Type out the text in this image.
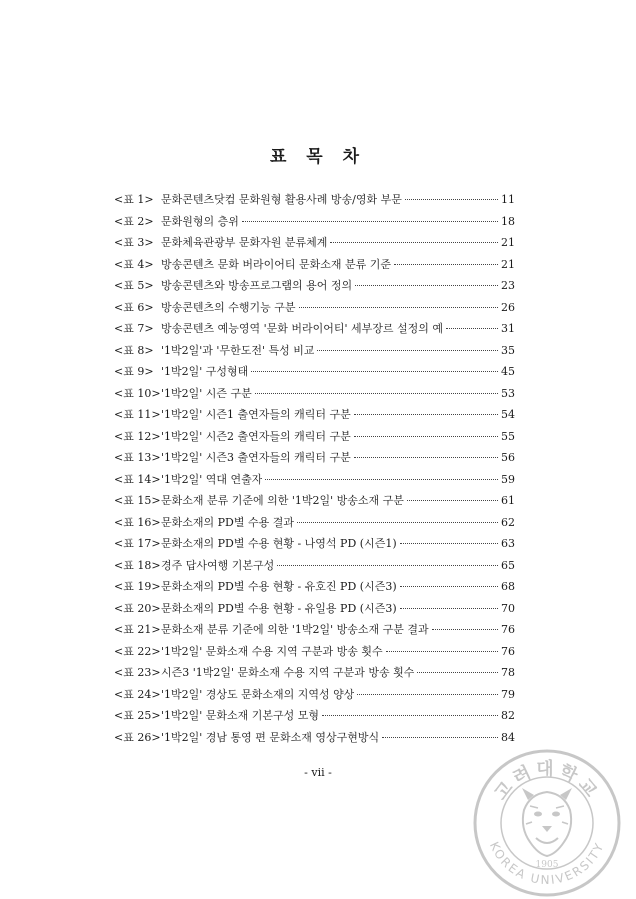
표 목 차
<표 1> 문화콘텐츠닷컴 문화원형 활용사례 방송/영화 부문	11
<표 2> 문화원형의 층위	18
<표 3> 문화체육관광부 문화자원 분류체계	21
<표 4> 방송콘텐츠 문화 버라이어티 문화소재 분류 기준	21
<표 5> 방송콘텐츠와 방송프로그램의 용어 정의	23
<표 6> 방송콘텐츠의 수행기능 구분	26
<표 7> 방송콘텐츠 예능영역 '문화 버라이어티' 세부장르 설정의 예	31
<표 8> '1박2일'과 '무한도전' 특성 비교	35
<표 9> '1박2일' 구성형태	45
<표 10> '1박2일' 시즌 구분	53
<표 11> '1박2일' 시즌1 출연자들의 캐릭터 구분	54
<표 12> '1박2일' 시즌2 출연자들의 캐릭터 구분	55
<표 13> '1박2일' 시즌3 출연자들의 캐릭터 구분	56
<표 14> '1박2일' 역대 연출자	59
<표 15> 문화소재 분류 기준에 의한 '1박2일' 방송소재 구분	61
<표 16> 문화소재의 PD별 수용 결과	62
<표 17> 문화소재의 PD별 수용 현황 - 나영석 PD (시즌1)	63
<표 18> 경주 답사여행 기본구성	65
<표 19> 문화소재의 PD별 수용 현황 - 유호진 PD (시즌3)	68
<표 20> 문화소재의 PD별 수용 현황 - 유일용 PD (시즌3)	70
<표 21> 문화소재 분류 기준에 의한 '1박2일' 방송소재 구분 결과	76
<표 22> '1박2일' 문화소재 수용 지역 구분과 방송 횟수	76
<표 23> 시즌3 '1박2일' 문화소재 수용 지역 구분과 방송 횟수	78
<표 24> '1박2일' 경상도 문화소재의 지역성 양상	79
<표 25> '1박2일' 문화소재 기본구성 모형	82
<표 26> '1박2일' 경남 통영 편 문화소재 영상구현방식	84
- vii -
고려대학교
KOREA UNIVERSITY
1905
